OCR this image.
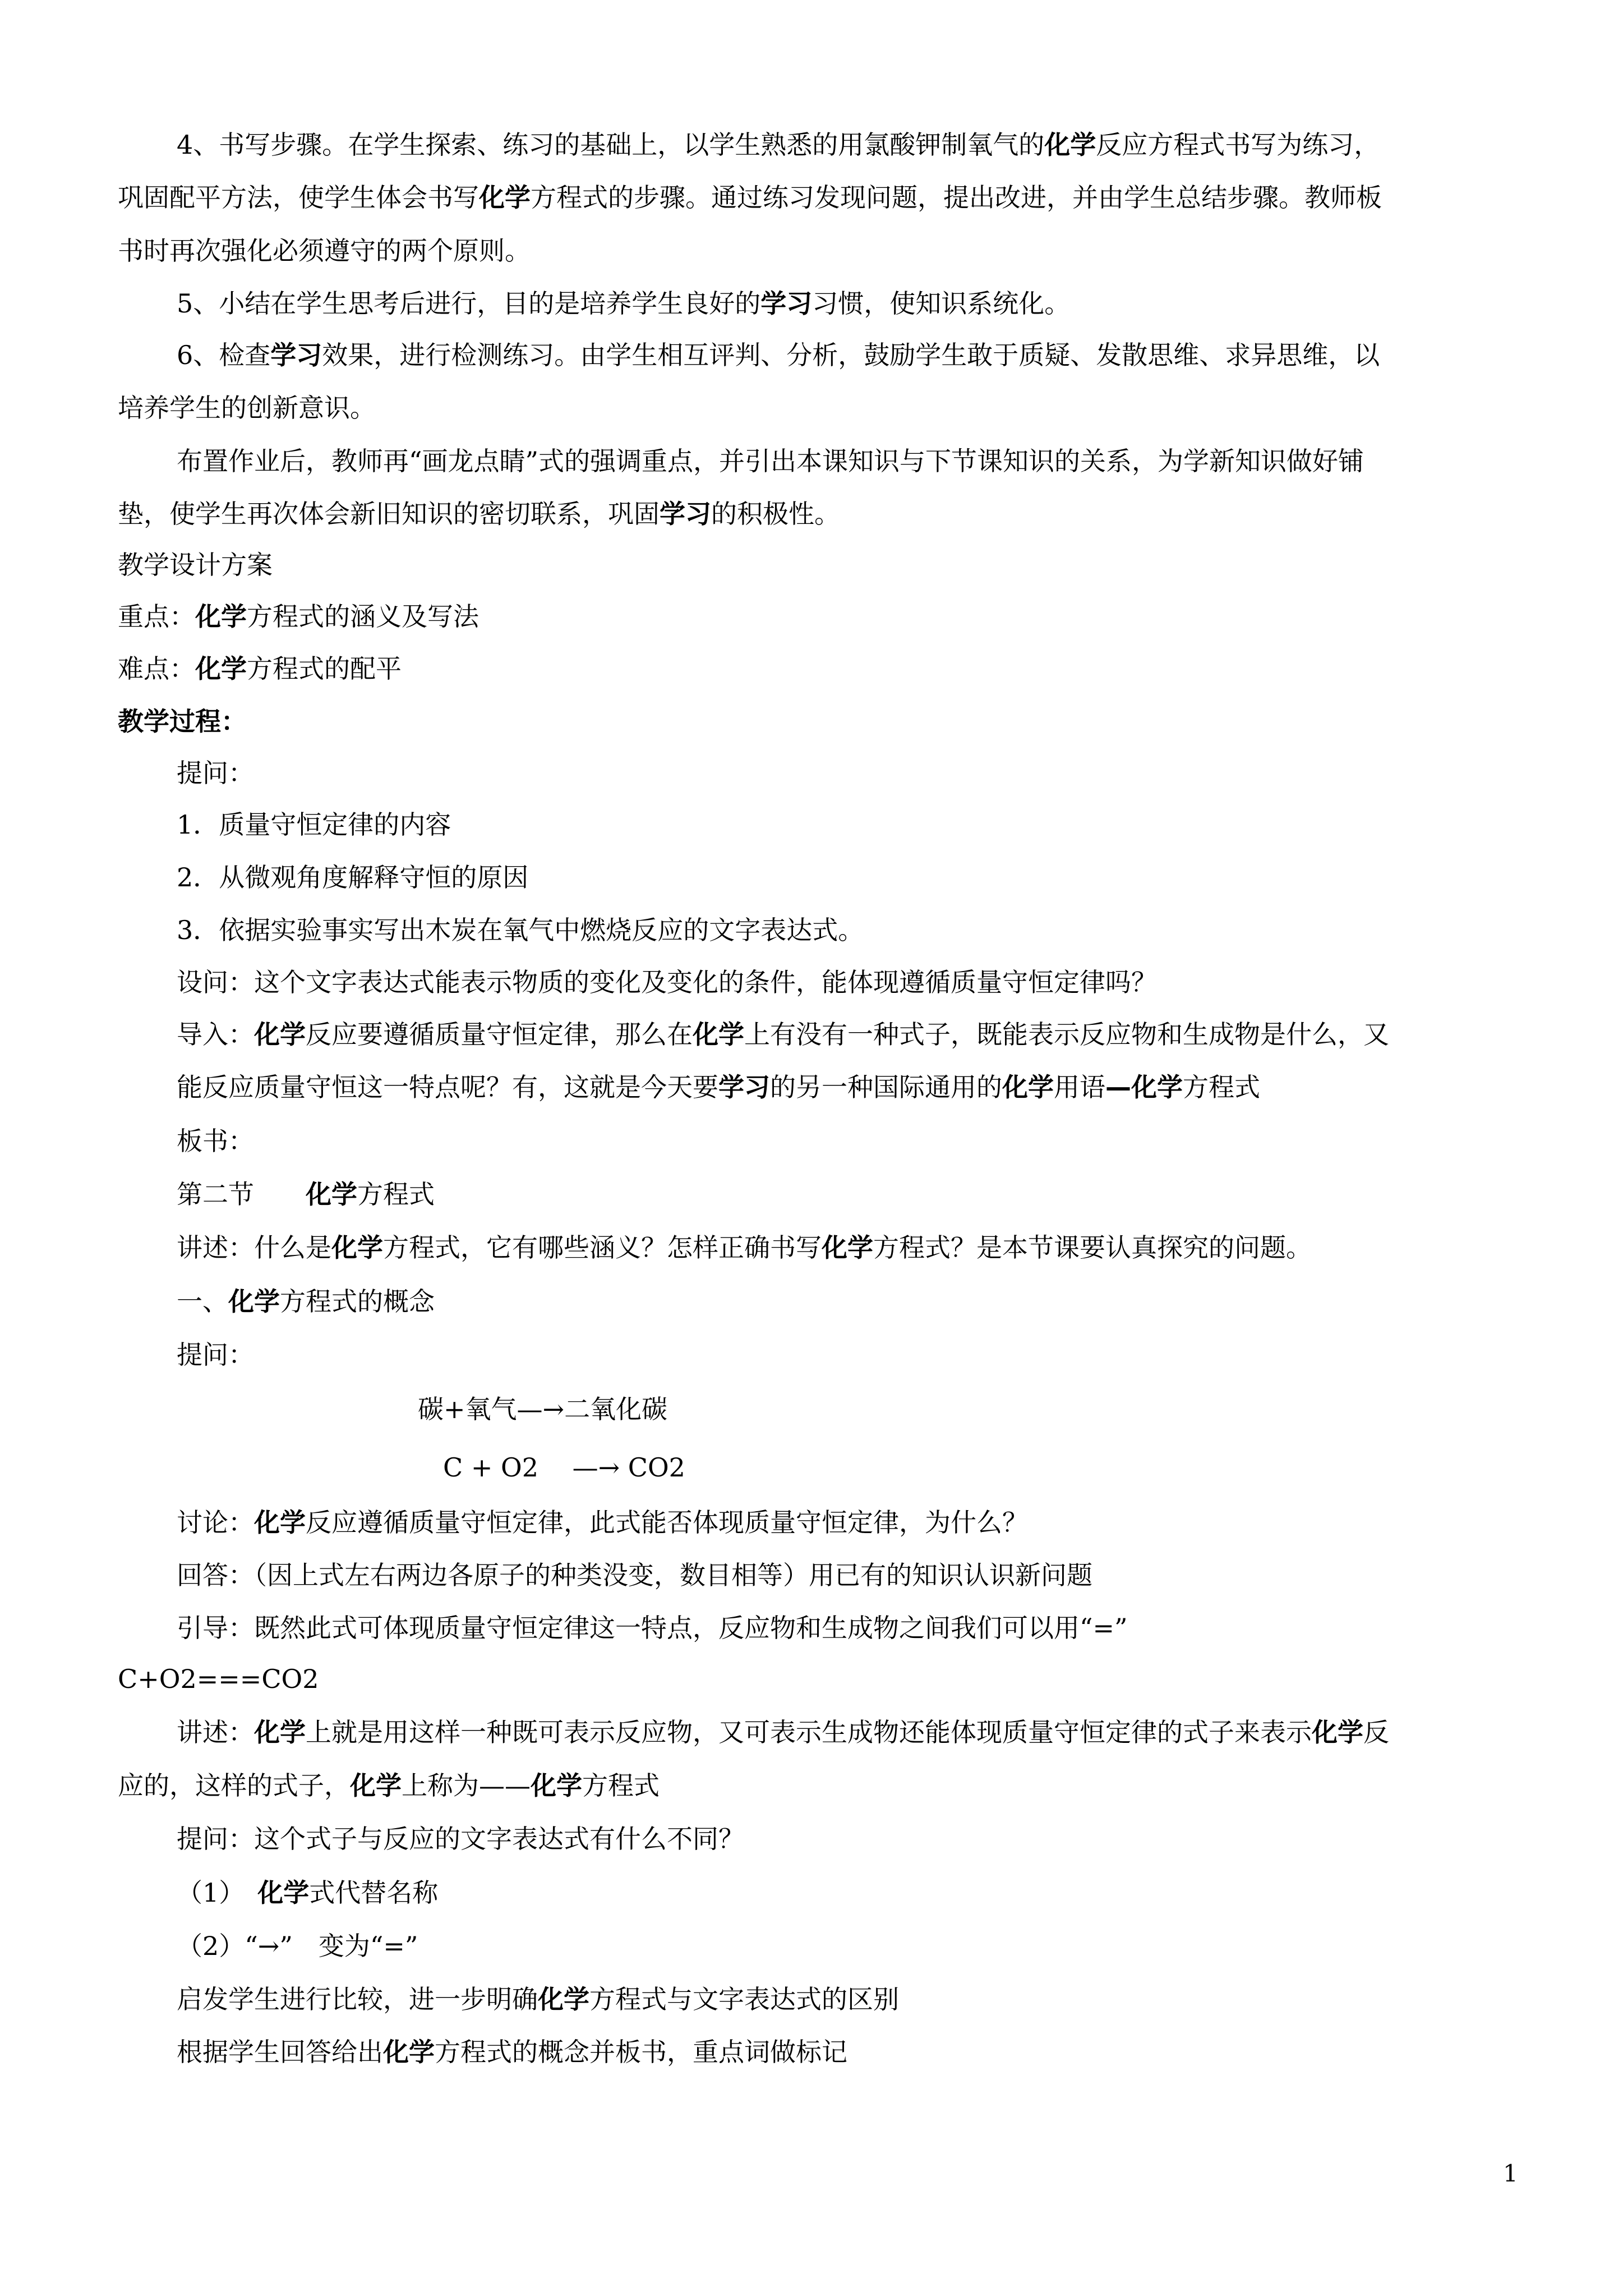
4、书写步骤。在学生探索、练习的基础上，以学生熟悉的用氯酸钾制氧气的化学反应方程式书写为练习，
巩固配平方法，使学生体会书写化学方程式的步骤。通过练习发现问题，提出改进，并由学生总结步骤。教师板
书时再次强化必须遵守的两个原则。
5、小结在学生思考后进行，目的是培养学生良好的学习习惯，使知识系统化。
6、检查学习效果，进行检测练习。由学生相互评判、分析，鼓励学生敢于质疑、发散思维、求异思维，以
培养学生的创新意识。
布置作业后，教师再“画龙点睛”式的强调重点，并引出本课知识与下节课知识的关系，为学新知识做好铺
垫，使学生再次体会新旧知识的密切联系，巩固学习的积极性。
教学设计方案
重点：化学方程式的涵义及写法
难点：化学方程式的配平
教学过程：
提问：
1．质量守恒定律的内容
2．从微观角度解释守恒的原因
3．依据实验事实写出木炭在氧气中燃烧反应的文字表达式。
设问：这个文字表达式能表示物质的变化及变化的条件，能体现遵循质量守恒定律吗？
导入：化学反应要遵循质量守恒定律，那么在化学上有没有一种式子，既能表示反应物和生成物是什么，又
能反应质量守恒这一特点呢？有，这就是今天要学习的另一种国际通用的化学用语—化学方程式
板书：
第二节　　化学方程式
讲述：什么是化学方程式，它有哪些涵义？怎样正确书写化学方程式？是本节课要认真探究的问题。
一、化学方程式的概念
提问：
碳+氧气—→二氧化碳
C + O2　 —→ CO2
讨论：化学反应遵循质量守恒定律，此式能否体现质量守恒定律，为什么？
回答：（因上式左右两边各原子的种类没变，数目相等）用已有的知识认识新问题
引导：既然此式可体现质量守恒定律这一特点，反应物和生成物之间我们可以用“=”
C+O2===CO2
讲述：化学上就是用这样一种既可表示反应物，又可表示生成物还能体现质量守恒定律的式子来表示化学反
应的，这样的式子，化学上称为——化学方程式
提问：这个式子与反应的文字表达式有什么不同？
（1）　化学式代替名称
（2）“→”　变为“=”
启发学生进行比较，进一步明确化学方程式与文字表达式的区别
根据学生回答给出化学方程式的概念并板书，重点词做标记
1
